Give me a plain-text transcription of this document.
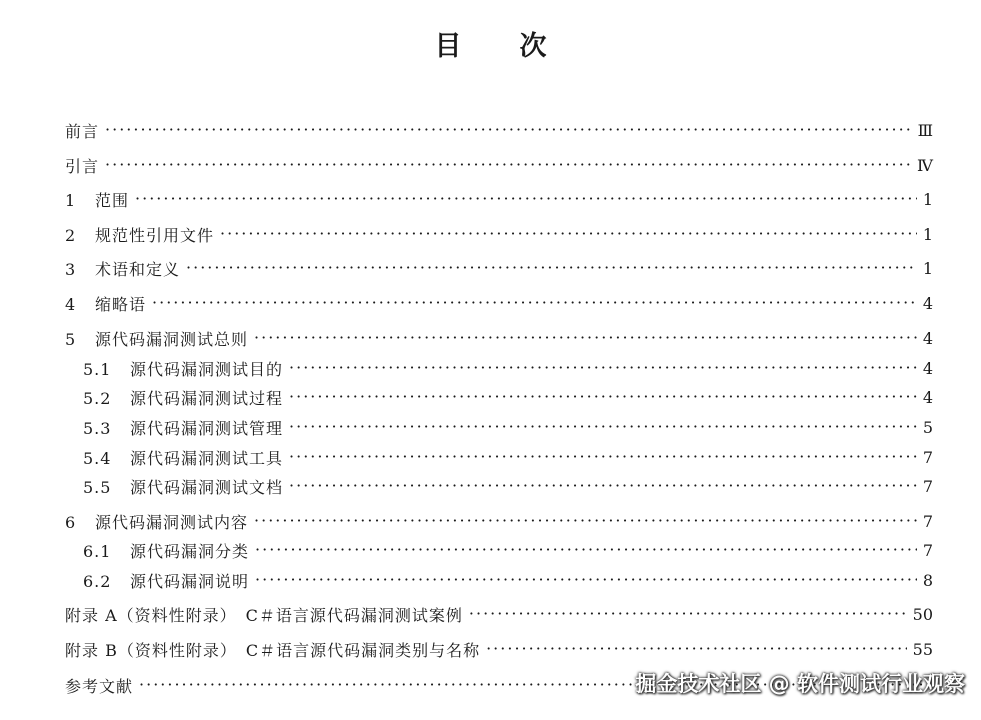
目 次
前言 ·····	Ⅲ
引言 ·····	Ⅳ
1 范围 ·····	1
2 规范性引用文件 ·····	1
3 术语和定义 ·····	1
4 缩略语 ·····	4
5 源代码漏洞测试总则 ·····	4
5.1 源代码漏洞测试目的 ·····	4
5.2 源代码漏洞测试过程 ·····	4
5.3 源代码漏洞测试管理 ·····	5
5.4 源代码漏洞测试工具 ·····	7
5.5 源代码漏洞测试文档 ·····	7
6 源代码漏洞测试内容 ·····	7
6.1 源代码漏洞分类 ·····	7
6.2 源代码漏洞说明 ·····	8
附录 A（资料性附录）　C＃语言源代码漏洞测试案例 ·····	50
附录 B（资料性附录）　C＃语言源代码漏洞类别与名称 ·····	55
参考文献 ·····	掘金技术社区 @ 软件测试行业观察
